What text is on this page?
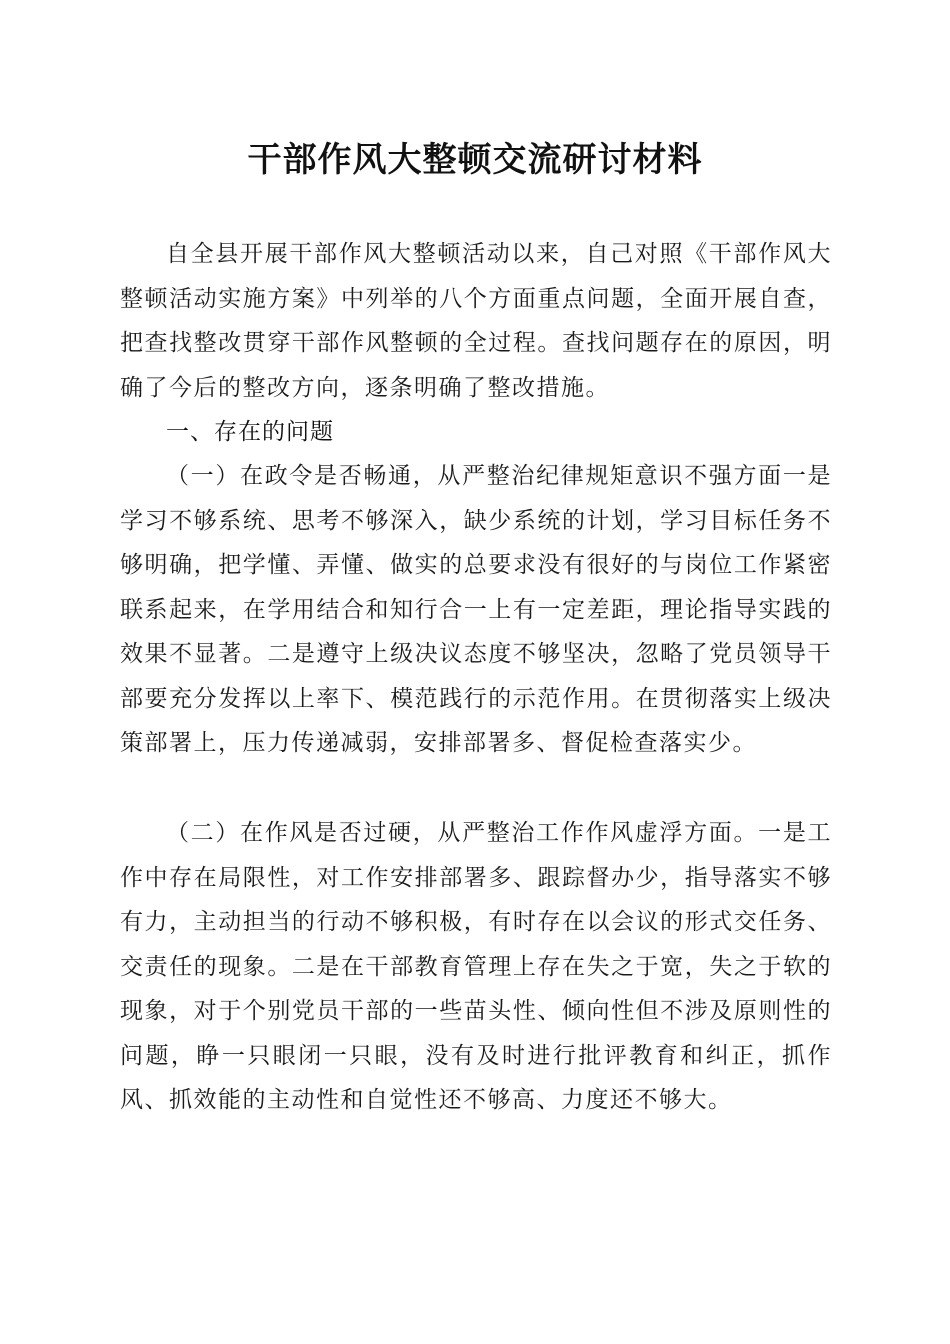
干部作风大整顿交流研讨材料

自全县开展干部作风大整顿活动以来，自己对照《干部作风大整顿活动实施方案》中列举的八个方面重点问题，全面开展自查，把查找整改贯穿干部作风整顿的全过程。查找问题存在的原因，明确了今后的整改方向，逐条明确了整改措施。

一、存在的问题

（一）在政令是否畅通，从严整治纪律规矩意识不强方面一是学习不够系统、思考不够深入，缺少系统的计划，学习目标任务不够明确，把学懂、弄懂、做实的总要求没有很好的与岗位工作紧密联系起来，在学用结合和知行合一上有一定差距，理论指导实践的效果不显著。二是遵守上级决议态度不够坚决，忽略了党员领导干部要充分发挥以上率下、模范践行的示范作用。在贯彻落实上级决策部署上，压力传递减弱，安排部署多、督促检查落实少。

（二）在作风是否过硬，从严整治工作作风虚浮方面。一是工作中存在局限性，对工作安排部署多、跟踪督办少，指导落实不够有力，主动担当的行动不够积极，有时存在以会议的形式交任务、交责任的现象。二是在干部教育管理上存在失之于宽，失之于软的现象，对于个别党员干部的一些苗头性、倾向性但不涉及原则性的问题，睁一只眼闭一只眼，没有及时进行批评教育和纠正，抓作风、抓效能的主动性和自觉性还不够高、力度还不够大。
